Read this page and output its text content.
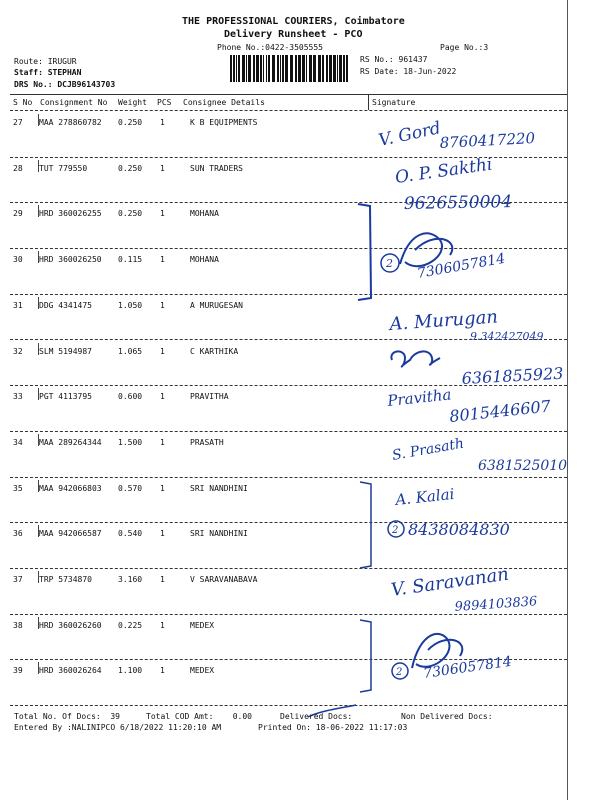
THE PROFESSIONAL COURIERS, Coimbatore
Delivery Runsheet - PCO
Phone No.:0422-3505555	Page No.:3
Route: IRUGUR
Staff: STEPHAN
DRS No.: DCJB96143703
RS No.: 961437
RS Date: 18-Jun-2022
S No Consignment No Weight PCS Consignee Details	Signature
27 MAA 278860782 0.250 1	K B EQUIPMENTS
28 TUT 779550	0.250 1	SUN TRADERS
29 HRD 360026255 0.250 1	MOHANA
30 HRD 360026250 0.115 1	MOHANA
31 DDG 4341475	1.050 1	A MURUGESAN
32 SLM 5194987	1.065 1	C KARTHIKA
33 PGT 4113795	0.600 1	PRAVITHA
34 MAA 289264344 1.500 1	PRASATH
35 MAA 942066803 0.570 1	SRI NANDHINI
36 MAA 942066587 0.540 1	SRI NANDHINI
37 TRP 5734870	3.160 1	V SARAVANABAVA
38 HRD 360026260 0.225 1	MEDEX
39 HRD 360026264 1.100 1	MEDEX
V. Gord
8760417220
O. P. Sakthi
9626550004
2 7306057814
A. Murugan
9.342427049
6361855923
Pravitha
8015446607
S. Prasath
6381525010
A. Kalai
2 8438084830
V. Saravanan
9894103836
2 7306057814
Total No. Of Docs:  39	Total COD Amt:    0.00	Delivered Docs:	Non Delivered Docs:
Entered By :NALINIPCO 6/18/2022 11:20:10 AM	Printed On: 18-06-2022 11:17:03
